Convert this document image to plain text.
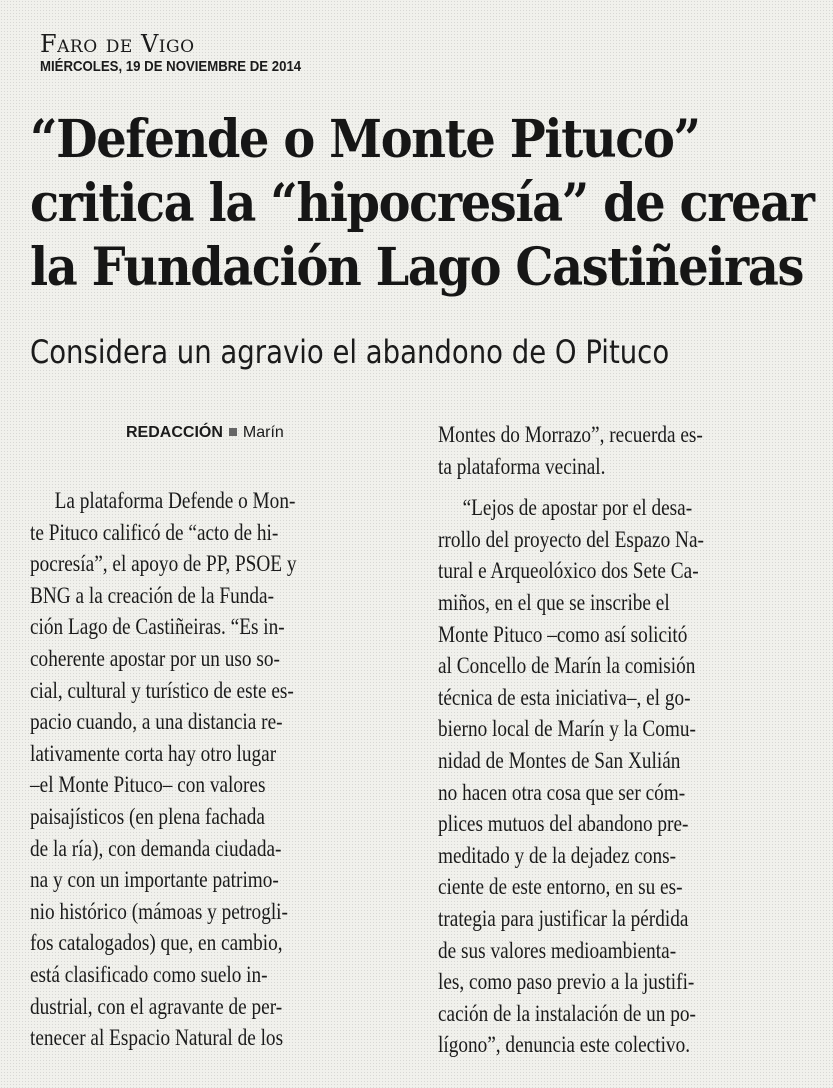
Faro de Vigo
MIÉRCOLES, 19 DE NOVIEMBRE DE 2014
“Defende o Monte Pituco”
critica la “hipocresía” de crear
la Fundación Lago Castiñeiras
Considera un agravio el abandono de O Pituco
REDACCIÓN Marín
La plataforma Defende o Mon-
te Pituco calificó de “acto de hi-
pocresía”, el apoyo de PP, PSOE y
BNG a la creación de la Funda-
ción Lago de Castiñeiras. “Es in-
coherente apostar por un uso so-
cial, cultural y turístico de este es-
pacio cuando, a una distancia re-
lativamente corta hay otro lugar
–el Monte Pituco– con valores
paisajísticos (en plena fachada
de la ría), con demanda ciudada-
na y con un importante patrimo-
nio histórico (mámoas y petrogli-
fos catalogados) que, en cambio,
está clasificado como suelo in-
dustrial, con el agravante de per-
tenecer al Espacio Natural de los
Montes do Morrazo”, recuerda es-
ta plataforma vecinal.
“Lejos de apostar por el desa-
rrollo del proyecto del Espazo Na-
tural e Arqueolóxico dos Sete Ca-
miños, en el que se inscribe el
Monte Pituco –como así solicitó
al Concello de Marín la comisión
técnica de esta iniciativa–, el go-
bierno local de Marín y la Comu-
nidad de Montes de San Xulián
no hacen otra cosa que ser cóm-
plices mutuos del abandono pre-
meditado y de la dejadez cons-
ciente de este entorno, en su es-
trategia para justificar la pérdida
de sus valores medioambienta-
les, como paso previo a la justifi-
cación de la instalación de un po-
lígono”, denuncia este colectivo.
